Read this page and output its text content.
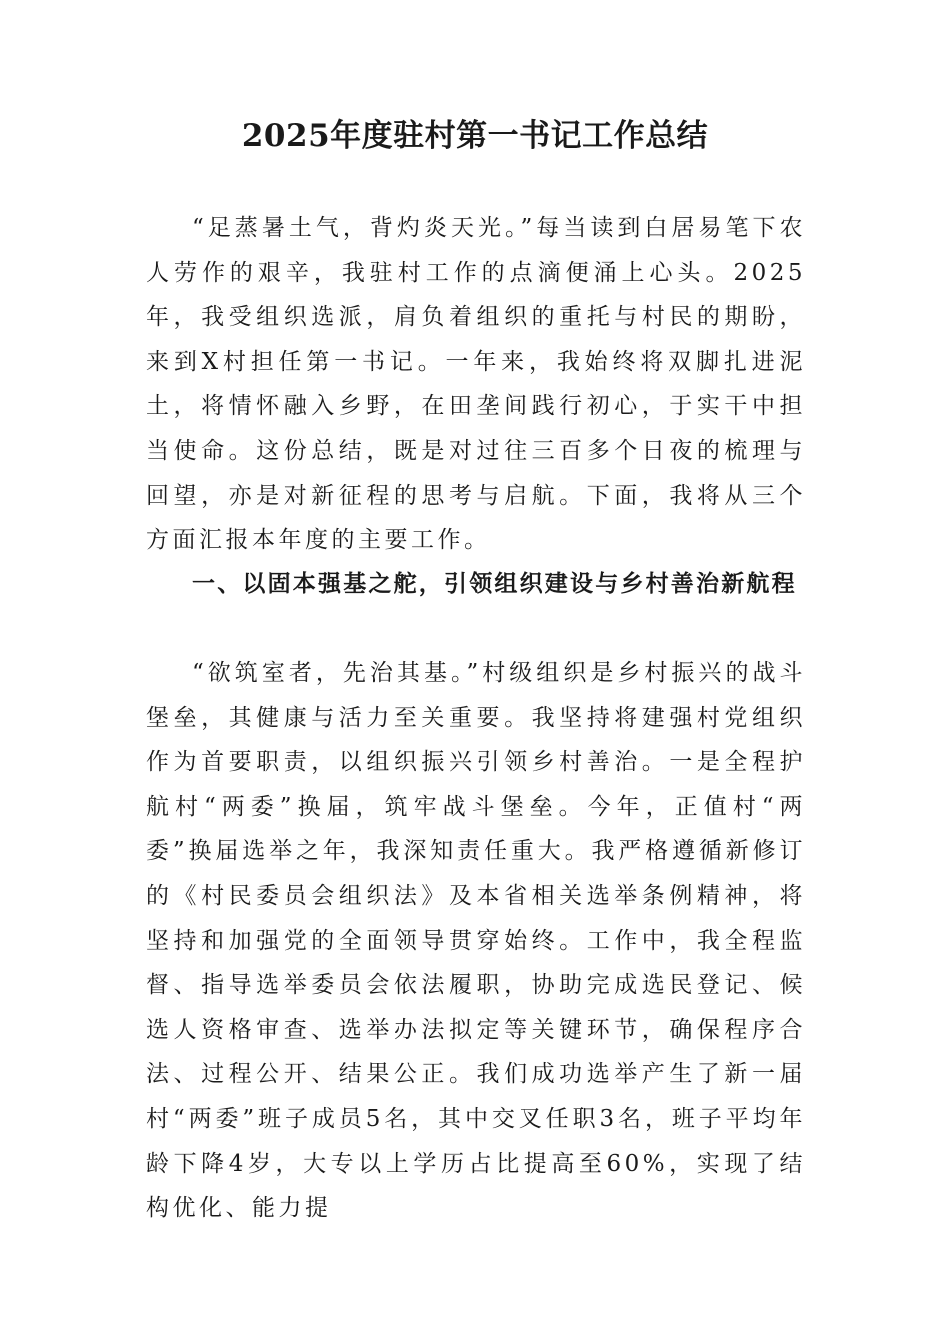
2025年度驻村第一书记工作总结

“足蒸暑土气，背灼炎天光。”每当读到白居易笔下农人劳作的艰辛，我驻村工作的点滴便涌上心头。2025年，我受组织选派，肩负着组织的重托与村民的期盼，来到X村担任第一书记。一年来，我始终将双脚扎进泥土，将情怀融入乡野，在田垄间践行初心，于实干中担当使命。这份总结，既是对过往三百多个日夜的梳理与回望，亦是对新征程的思考与启航。下面，我将从三个方面汇报本年度的主要工作。

一、以固本强基之舵，引领组织建设与乡村善治新航程

“欲筑室者，先治其基。”村级组织是乡村振兴的战斗堡垒，其健康与活力至关重要。我坚持将建强村党组织作为首要职责，以组织振兴引领乡村善治。一是全程护航村“两委”换届，筑牢战斗堡垒。今年，正值村“两委”换届选举之年，我深知责任重大。我严格遵循新修订的《村民委员会组织法》及本省相关选举条例精神，将坚持和加强党的全面领导贯穿始终。工作中，我全程监督、指导选举委员会依法履职，协助完成选民登记、候选人资格审查、选举办法拟定等关键环节，确保程序合法、过程公开、结果公正。我们成功选举产生了新一届村“两委”班子成员5名，其中交叉任职3名，班子平均年龄下降4岁，大专以上学历占比提高至60%，实现了结构优化、能力提
